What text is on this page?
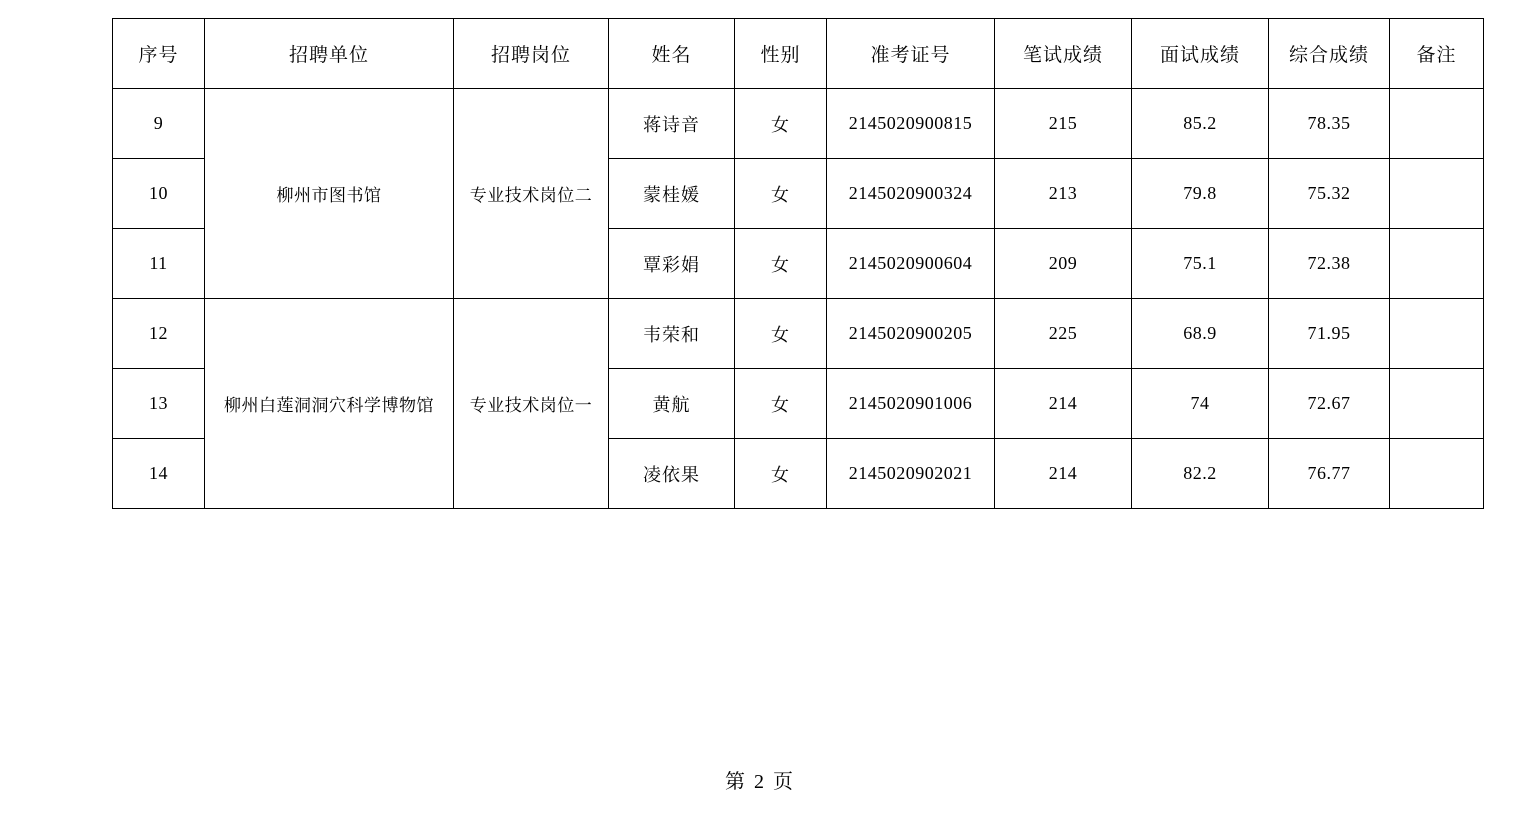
序号	招聘单位	招聘岗位	姓名	性别	准考证号	笔试成绩	面试成绩	综合成绩	备注
9	柳州市图书馆	专业技术岗位二	蒋诗音	女	2145020900815	215	85.2	78.35	
10			蒙桂媛	女	2145020900324	213	79.8	75.32	
11			覃彩娟	女	2145020900604	209	75.1	72.38	
12	柳州白莲洞洞穴科学博物馆	专业技术岗位一	韦荣和	女	2145020900205	225	68.9	71.95	
13			黄航	女	2145020901006	214	74	72.67	
14			凌依果	女	2145020902021	214	82.2	76.77	
第 2 页
